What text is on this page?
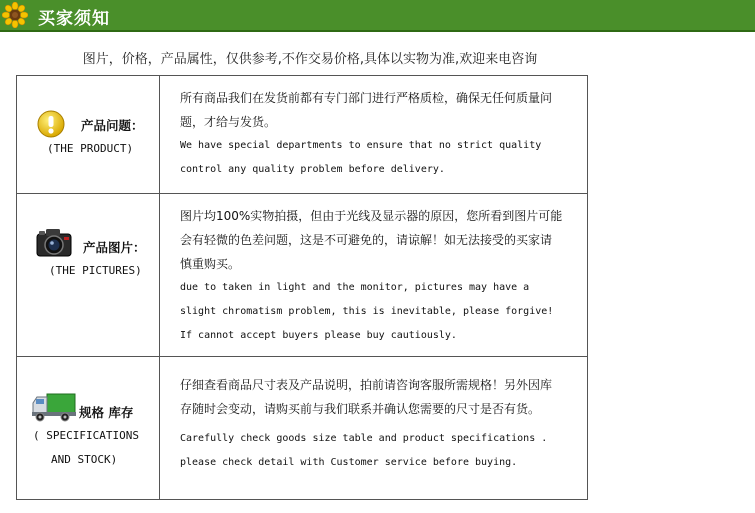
买家须知
图片，价格，产品属性，仅供参考,不作交易价格,具体以实物为准,欢迎来电咨询
产品问题：
(THE PRODUCT)
所有商品我们在发货前都有专门部门进行严格质检，确保无任何质量问
题，才给与发货。
We have special departments to ensure that no strict quality
control any quality problem before delivery.
产品图片：
(THE PICTURES)
图片均100%实物拍摄，但由于光线及显示器的原因，您所看到图片可能
会有轻微的色差问题，这是不可避免的，请谅解！如无法接受的买家请
慎重购买。
due to taken in light and the monitor, pictures may have a
slight chromatism problem, this is inevitable, please forgive!
If cannot accept buyers please buy cautiously.
规格 库存
( SPECIFICATIONS
AND STOCK)
仔细查看商品尺寸表及产品说明，拍前请咨询客服所需规格！另外因库
存随时会变动，请购买前与我们联系并确认您需要的尺寸是否有货。
Carefully check goods size table and product specifications .
please check detail with Customer service before buying.
